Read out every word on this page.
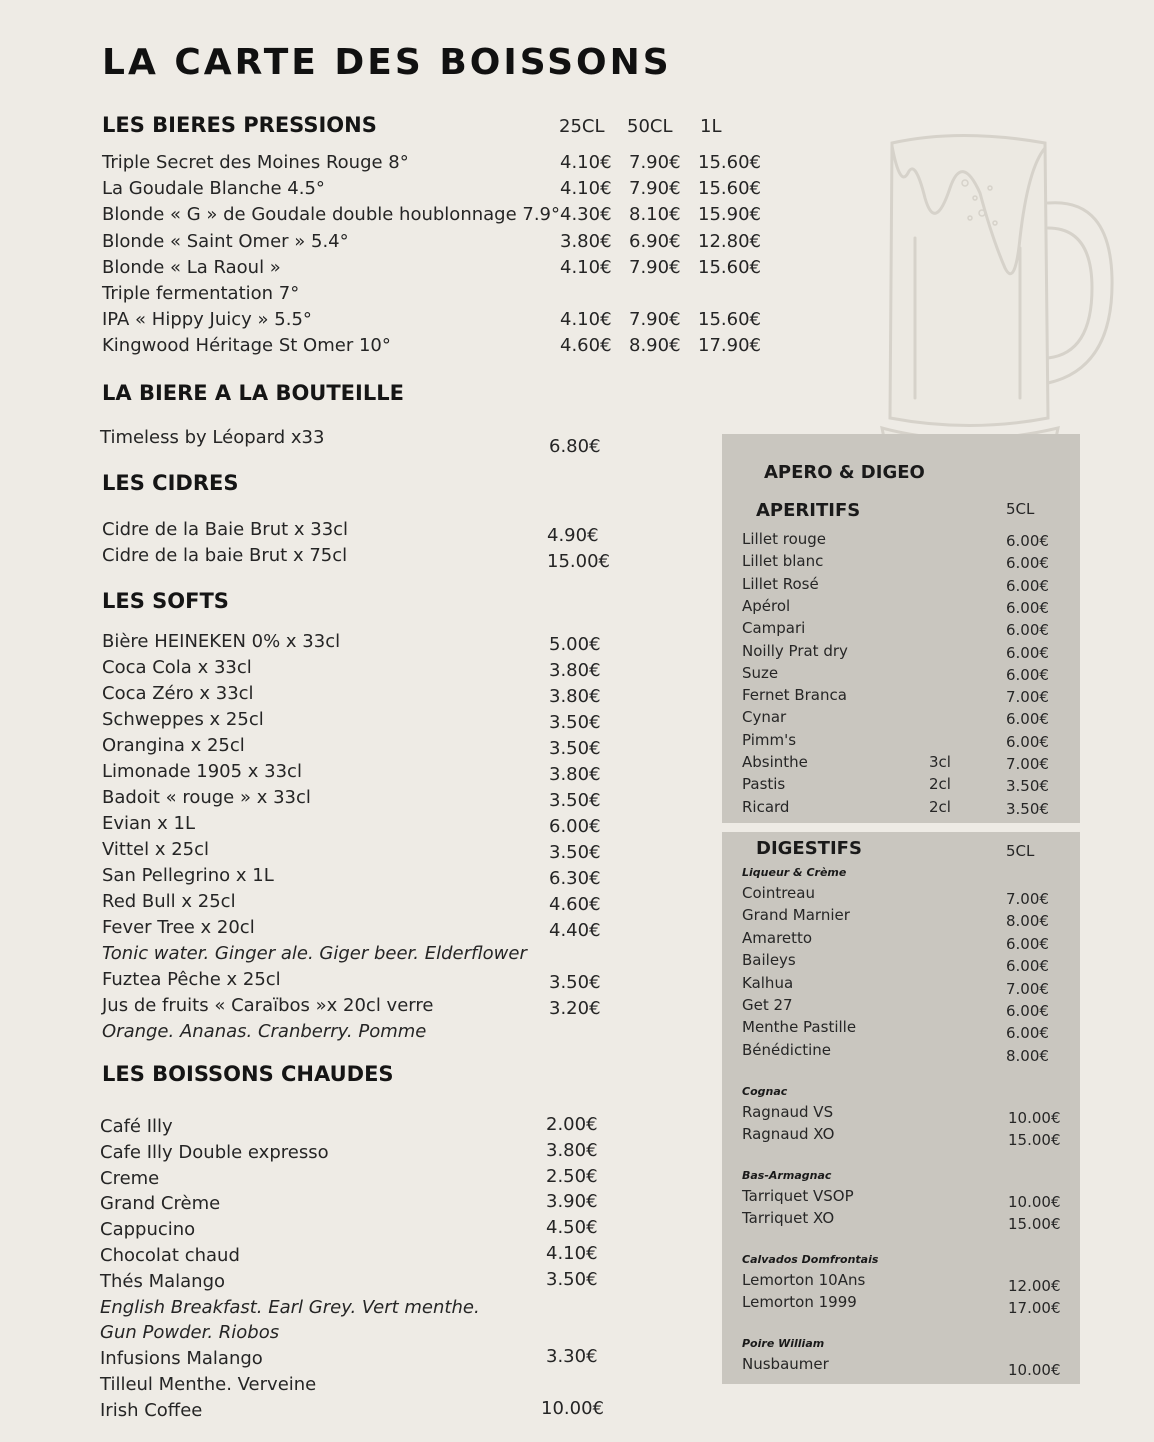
LA CARTE DES BOISSONS
LES BIERES PRESSIONS	25CL 50CL 1L
Triple Secret des Moines Rouge 8°	4.10€ 7.90€ 15.60€
La Goudale Blanche 4.5°	4.10€ 7.90€ 15.60€
Blonde « G » de Goudale double houblonnage 7.9° 4.30€ 8.10€ 15.90€
Blonde « Saint Omer » 5.4°	3.80€ 6.90€ 12.80€
Blonde « La Raoul »	4.10€ 7.90€ 15.60€
Triple fermentation 7°
IPA « Hippy Juicy » 5.5°	4.10€ 7.90€ 15.60€
Kingwood Héritage St Omer 10°	4.60€ 8.90€ 17.90€
LA BIERE A LA BOUTEILLE
Timeless by Léopard x33	6.80€
LES CIDRES
Cidre de la Baie Brut x 33cl	4.90€
Cidre de la baie Brut x 75cl	15.00€
LES SOFTS
Bière HEINEKEN 0% x 33cl	5.00€
Coca Cola x 33cl	3.80€
Coca Zéro x 33cl	3.80€
Schweppes x 25cl	3.50€
Orangina x 25cl	3.50€
Limonade 1905 x 33cl	3.80€
Badoit « rouge » x 33cl	3.50€
Evian x 1L	6.00€
Vittel x 25cl	3.50€
San Pellegrino x 1L	6.30€
Red Bull x 25cl	4.60€
Fever Tree x 20cl	4.40€
Tonic water. Ginger ale. Giger beer. Elderflower
Fuztea Pêche x 25cl	3.50€
Jus de fruits « Caraïbos »x 20cl verre	3.20€
Orange. Ananas. Cranberry. Pomme
LES BOISSONS CHAUDES
Café Illy	2.00€
Cafe Illy Double expresso	3.80€
Creme	2.50€
Grand Crème	3.90€
Cappucino	4.50€
Chocolat chaud	4.10€
Thés Malango	3.50€
English Breakfast. Earl Grey. Vert menthe.
Gun Powder. Riobos
Infusions Malango	3.30€
Tilleul Menthe. Verveine
Irish Coffee	10.00€
APERO & DIGEO
APERITIFS	5CL
Lillet rouge	6.00€
Lillet blanc	6.00€
Lillet Rosé	6.00€
Apérol	6.00€
Campari	6.00€
Noilly Prat dry	6.00€
Suze	6.00€
Fernet Branca	7.00€
Cynar	6.00€
Pimm's	6.00€
Absinthe	3cl	7.00€
Pastis	2cl	3.50€
Ricard	2cl	3.50€
DIGESTIFS	5CL
Liqueur & Crème
Cointreau	7.00€
Grand Marnier	8.00€
Amaretto	6.00€
Baileys	6.00€
Kalhua	7.00€
Get 27	6.00€
Menthe Pastille	6.00€
Bénédictine	8.00€
Cognac
Ragnaud VS	10.00€
Ragnaud XO	15.00€
Bas-Armagnac
Tarriquet VSOP	10.00€
Tarriquet XO	15.00€
Calvados Domfrontais
Lemorton 10Ans	12.00€
Lemorton 1999	17.00€
Poire William
Nusbaumer	10.00€
